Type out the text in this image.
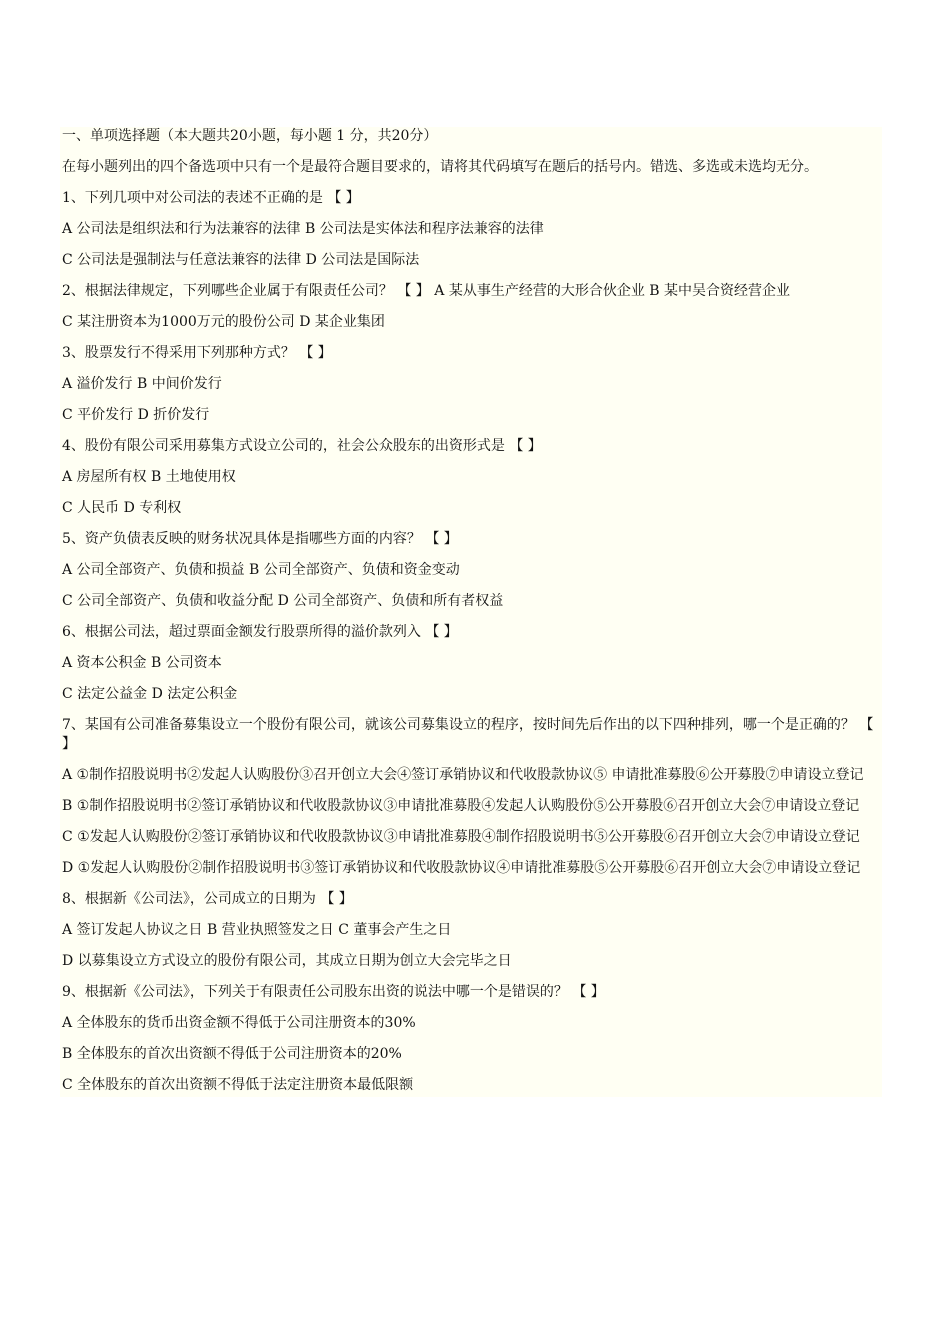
一、单项选择题（本大题共20小题，每小题 1 分，共20分）
在每小题列出的四个备选项中只有一个是最符合题目要求的，请将其代码填写在题后的括号内。错选、多选或未选均无分。
1、下列几项中对公司法的表述不正确的是 【 】
A 公司法是组织法和行为法兼容的法律 B 公司法是实体法和程序法兼容的法律
C 公司法是强制法与任意法兼容的法律 D 公司法是国际法
2、根据法律规定，下列哪些企业属于有限责任公司？ 【 】 A 某从事生产经营的大形合伙企业 B 某中吴合资经营企业
C 某注册资本为1000万元的股份公司 D 某企业集团
3、股票发行不得采用下列那种方式？ 【 】
A 溢价发行 B 中间价发行
C 平价发行 D 折价发行
4、股份有限公司采用募集方式设立公司的，社会公众股东的出资形式是 【 】
A 房屋所有权 B 土地使用权
C 人民币 D 专利权
5、资产负债表反映的财务状况具体是指哪些方面的内容？ 【 】
A 公司全部资产、负债和损益 B 公司全部资产、负债和资金变动
C 公司全部资产、负债和收益分配 D 公司全部资产、负债和所有者权益
6、根据公司法，超过票面金额发行股票所得的溢价款列入 【 】
A 资本公积金 B 公司资本
C 法定公益金 D 法定公积金
7、某国有公司准备募集设立一个股份有限公司，就该公司募集设立的程序，按时间先后作出的以下四种排列，哪一个是正确的？ 【 】
A ①制作招股说明书②发起人认购股份③召开创立大会④签订承销协议和代收股款协议⑤ 申请批准募股⑥公开募股⑦申请设立登记
B ①制作招股说明书②签订承销协议和代收股款协议③申请批准募股④发起人认购股份⑤公开募股⑥召开创立大会⑦申请设立登记
C ①发起人认购股份②签订承销协议和代收股款协议③申请批准募股④制作招股说明书⑤公开募股⑥召开创立大会⑦申请设立登记
D ①发起人认购股份②制作招股说明书③签订承销协议和代收股款协议④申请批准募股⑤公开募股⑥召开创立大会⑦申请设立登记
8、根据新《公司法》，公司成立的日期为 【 】
A 签订发起人协议之日 B 营业执照签发之日 C 董事会产生之日
D 以募集设立方式设立的股份有限公司，其成立日期为创立大会完毕之日
9、根据新《公司法》，下列关于有限责任公司股东出资的说法中哪一个是错误的？ 【 】
A 全体股东的货币出资金额不得低于公司注册资本的30%
B 全体股东的首次出资额不得低于公司注册资本的20%
C 全体股东的首次出资额不得低于法定注册资本最低限额
